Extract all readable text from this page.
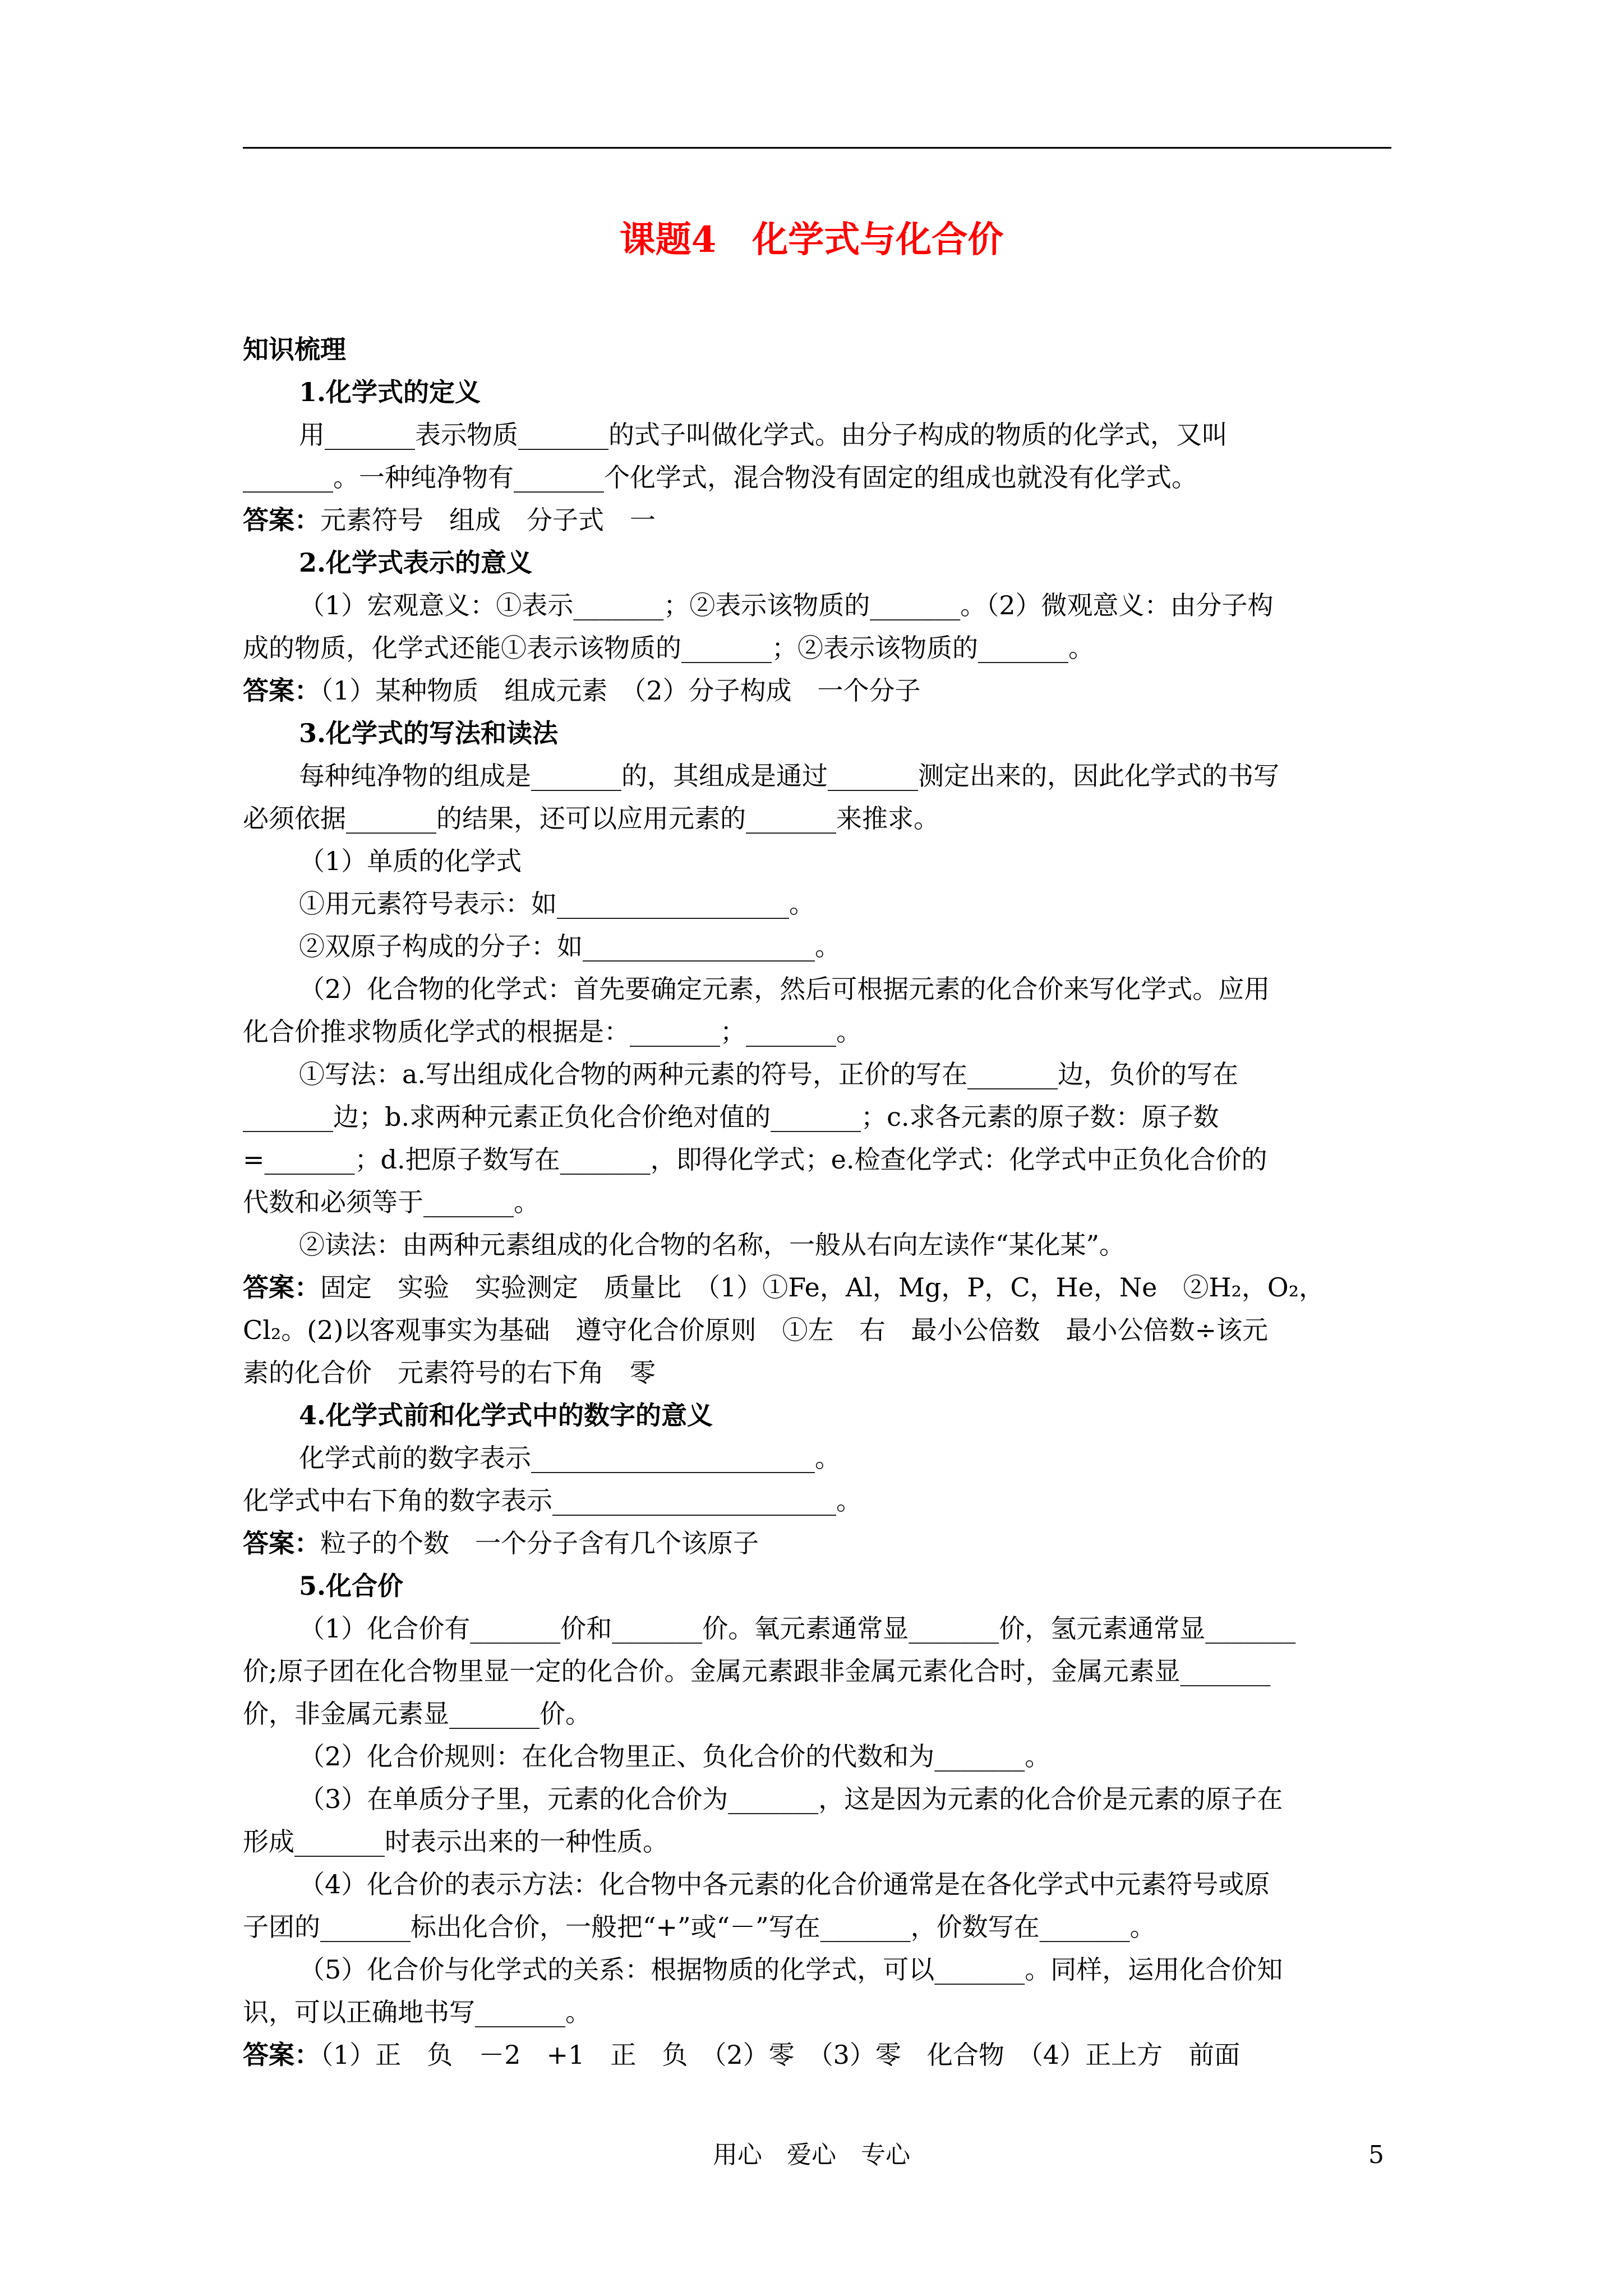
课题4　化学式与化合价
知识梳理
1.化学式的定义
用_______表示物质_______的式子叫做化学式。由分子构成的物质的化学式，又叫
_______。一种纯净物有_______个化学式，混合物没有固定的组成也就没有化学式。
答案：元素符号　组成　分子式　一
2.化学式表示的意义
（1）宏观意义：①表示_______；②表示该物质的_______。（2）微观意义：由分子构
成的物质，化学式还能①表示该物质的_______；②表示该物质的_______。
答案：（1）某种物质　组成元素　（2）分子构成　一个分子
3.化学式的写法和读法
每种纯净物的组成是_______的，其组成是通过_______测定出来的，因此化学式的书写
必须依据_______的结果，还可以应用元素的_______来推求。
（1）单质的化学式
①用元素符号表示：如__________________。
②双原子构成的分子：如__________________。
（2）化合物的化学式：首先要确定元素，然后可根据元素的化合价来写化学式。应用
化合价推求物质化学式的根据是：_______；_______。
①写法：a.写出组成化合物的两种元素的符号，正价的写在_______边，负价的写在
_______边；b.求两种元素正负化合价绝对值的_______；c.求各元素的原子数：原子数
=_______；d.把原子数写在_______，即得化学式；e.检查化学式：化学式中正负化合价的
代数和必须等于_______。
②读法：由两种元素组成的化合物的名称，一般从右向左读作“某化某”。
答案：固定　实验　实验测定　质量比　（1）①Fe，Al，Mg，P，C，He，Ne　②H₂，O₂，
Cl₂。(2)以客观事实为基础　遵守化合价原则　①左　右　最小公倍数　最小公倍数÷该元
素的化合价　元素符号的右下角　零
4.化学式前和化学式中的数字的意义
化学式前的数字表示______________________。
化学式中右下角的数字表示______________________。
答案：粒子的个数　一个分子含有几个该原子
5.化合价
（1）化合价有_______价和_______价。氧元素通常显_______价，氢元素通常显_______
价;原子团在化合物里显一定的化合价。金属元素跟非金属元素化合时，金属元素显_______
价，非金属元素显_______价。
（2）化合价规则：在化合物里正、负化合价的代数和为_______。
（3）在单质分子里，元素的化合价为_______，这是因为元素的化合价是元素的原子在
形成_______时表示出来的一种性质。
（4）化合价的表示方法：化合物中各元素的化合价通常是在各化学式中元素符号或原
子团的_______标出化合价，一般把“+”或“－”写在_______，价数写在_______。
（5）化合价与化学式的关系：根据物质的化学式，可以_______。同样，运用化合价知
识，可以正确地书写_______。
答案：（1）正　负　－2　+1　正　负　（2）零　（3）零　化合物　（4）正上方　前面
用心　爱心　专心	5
